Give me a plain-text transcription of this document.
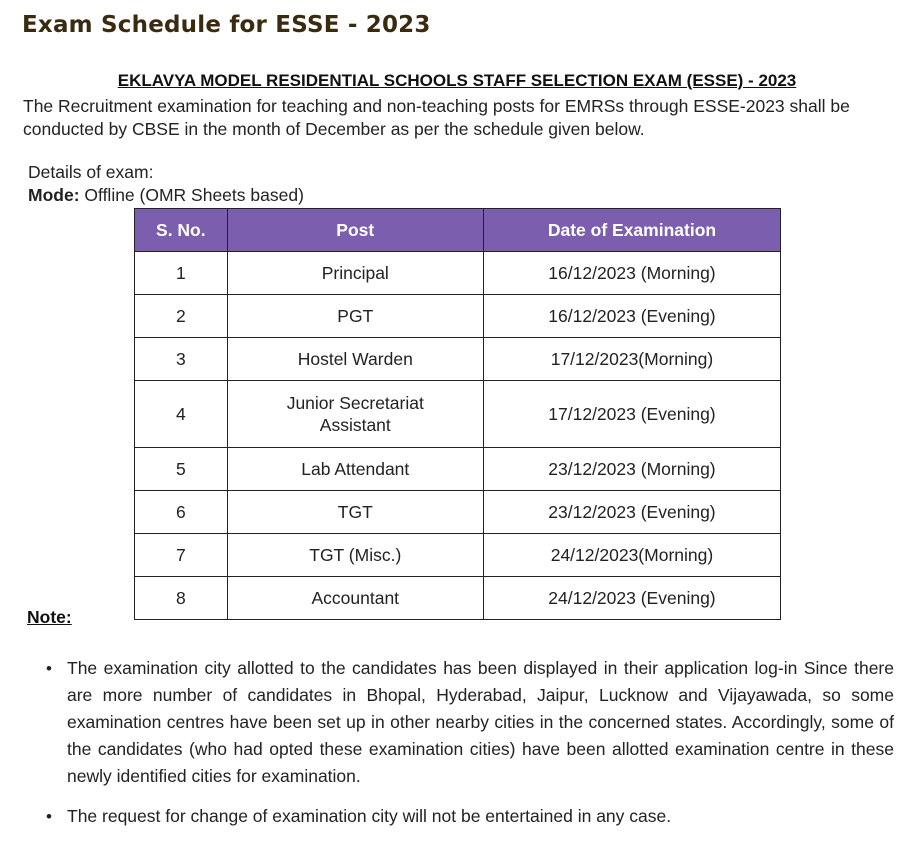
Exam Schedule for ESSE - 2023
EKLAVYA MODEL RESIDENTIAL SCHOOLS STAFF SELECTION EXAM (ESSE) - 2023
The Recruitment examination for teaching and non-teaching posts for EMRSs through ESSE-2023 shall be conducted by CBSE in the month of December as per the schedule given below.
Details of exam:
Mode: Offline (OMR Sheets based)
S. No.	Post	Date of Examination
1	Principal	16/12/2023 (Morning)
2	PGT	16/12/2023 (Evening)
3	Hostel Warden	17/12/2023(Morning)
4	Junior Secretariat
Assistant	17/12/2023 (Evening)
5	Lab Attendant	23/12/2023 (Morning)
6	TGT	23/12/2023 (Evening)
7	TGT (Misc.)	24/12/2023(Morning)
8	Accountant	24/12/2023 (Evening)
Note:
• The examination city allotted to the candidates has been displayed in their application log-in Since there are more number of candidates in Bhopal, Hyderabad, Jaipur, Lucknow and Vijayawada, so some examination centres have been set up in other nearby cities in the concerned states. Accordingly, some of the candidates (who had opted these examination cities) have been allotted examination centre in these newly identified cities for examination.
• The request for change of examination city will not be entertained in any case.
